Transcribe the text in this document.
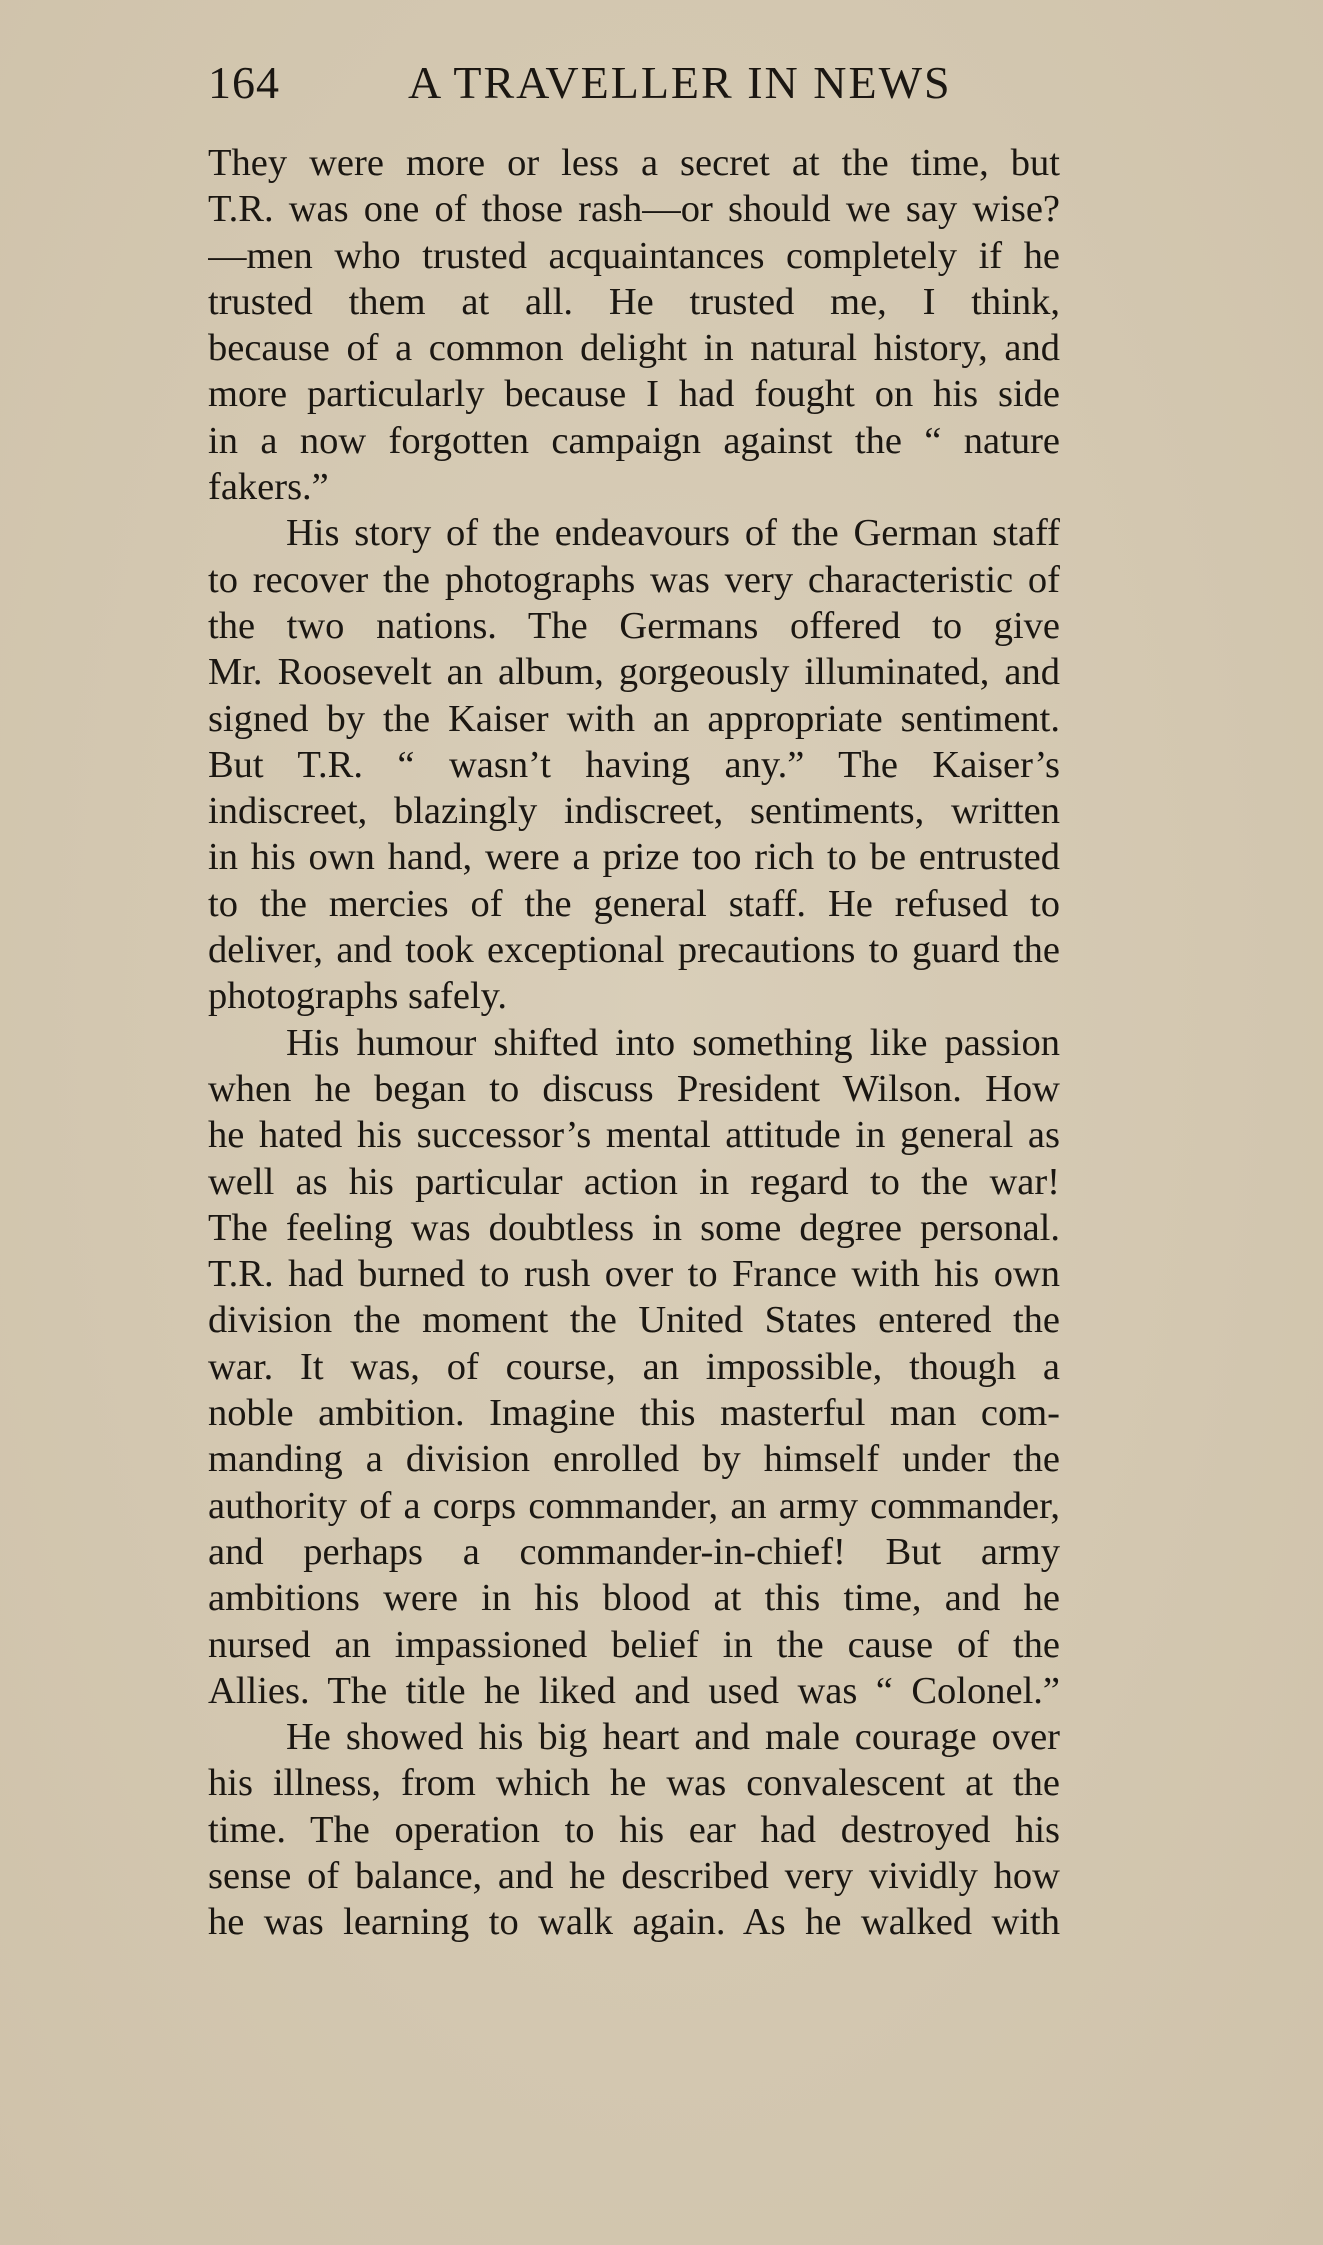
164	A TRAVELLER IN NEWS
They were more or less a secret at the time, but
T.R. was one of those rash—or should we say wise?
—men who trusted acquaintances completely if he
trusted them at all. He trusted me, I think,
because of a common delight in natural history, and
more particularly because I had fought on his side
in a now forgotten campaign against the “ nature
fakers.”
His story of the endeavours of the German staff
to recover the photographs was very characteristic of
the two nations. The Germans offered to give
Mr. Roosevelt an album, gorgeously illuminated, and
signed by the Kaiser with an appropriate sentiment.
But T.R. “ wasn’t having any.” The Kaiser’s
indiscreet, blazingly indiscreet, sentiments, written
in his own hand, were a prize too rich to be entrusted
to the mercies of the general staff. He refused to
deliver, and took exceptional precautions to guard the
photographs safely.
His humour shifted into something like passion
when he began to discuss President Wilson. How
he hated his successor’s mental attitude in general as
well as his particular action in regard to the war!
The feeling was doubtless in some degree personal.
T.R. had burned to rush over to France with his own
division the moment the United States entered the
war. It was, of course, an impossible, though a
noble ambition. Imagine this masterful man com-
manding a division enrolled by himself under the
authority of a corps commander, an army commander,
and perhaps a commander-in-chief! But army
ambitions were in his blood at this time, and he
nursed an impassioned belief in the cause of the
Allies. The title he liked and used was “ Colonel.”
He showed his big heart and male courage over
his illness, from which he was convalescent at the
time. The operation to his ear had destroyed his
sense of balance, and he described very vividly how
he was learning to walk again. As he walked with
